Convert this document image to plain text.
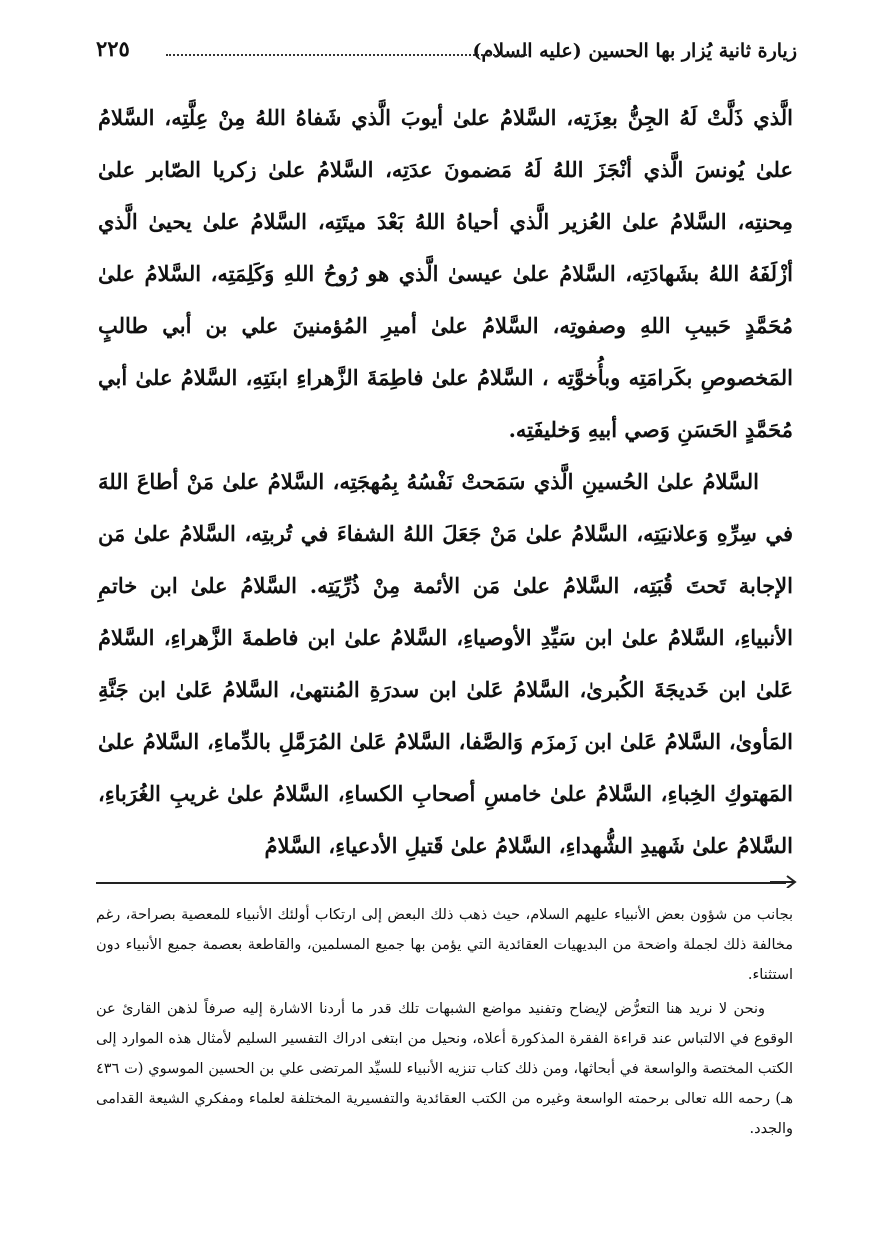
زيارة ثانية يُزار بها الحسين (عليه السلام)
٢٢٥

الَّذي ذَلَّتْ لَهُ الجِنُّ بعِزَتِه، السَّلامُ علىٰ أيوبَ الَّذي شَفاهُ اللهُ مِنْ عِلَّتِه، السَّلامُ علىٰ يُونسَ الَّذي أنْجَزَ اللهُ لَهُ مَضمونَ عدَتِه، السَّلامُ علىٰ زكريا الصّابر علىٰ مِحنتِه، السَّلامُ علىٰ العُزير الَّذي أحياهُ اللهُ بَعْدَ ميتَتِه، السَّلامُ علىٰ يحيىٰ الَّذي أزْلَفَهُ اللهُ بشَهادَتِه، السَّلامُ علىٰ عيسىٰ الَّذي هو رُوحُ اللهِ وَكَلِمَتِه، السَّلامُ علىٰ مُحَمَّدٍ حَبيبِ اللهِ وصفوتِه، السَّلامُ علىٰ أميرِ المُؤمنينَ علي بن أبي طالبٍ المَخصوصِ بكَرامَتِه وبأُخوَّتِه ، السَّلامُ علىٰ فاطِمَةَ الزَّهراءِ ابنَتِهِ، السَّلامُ علىٰ أبي مُحَمَّدٍ الحَسَنِ وَصي أبيهِ وَخليفَتِه.

السَّلامُ علىٰ الحُسينِ الَّذي سَمَحتْ نَفْسُهُ بِمُهجَتِه، السَّلامُ علىٰ مَنْ أطاعَ اللهَ في سِرِّهِ وَعلانيَتِه، السَّلامُ علىٰ مَنْ جَعَلَ اللهُ الشفاءَ في تُربتِه، السَّلامُ علىٰ مَن الإجابة تَحتَ قُبَتِه، السَّلامُ علىٰ مَن الأئمة مِنْ ذُرِّيَتِه. السَّلامُ علىٰ ابن خاتمِ الأنبياءِ، السَّلامُ علىٰ ابن سَيِّدِ الأوصياءِ، السَّلامُ علىٰ ابن فاطمةَ الزَّهراءِ، السَّلامُ عَلىٰ ابن خَديجَةَ الكُبرىٰ، السَّلامُ عَلىٰ ابن سدرَةِ المُنتهىٰ، السَّلامُ عَلىٰ ابن جَنَّةِ المَأوىٰ، السَّلامُ عَلىٰ ابن زَمزَم وَالصَّفا، السَّلامُ عَلىٰ المُرَمَّلِ بالدِّماءِ، السَّلامُ علىٰ المَهتوكِ الخِباءِ، السَّلامُ علىٰ خامسِ أصحابِ الكساءِ، السَّلامُ علىٰ غريبِ الغُرَباءِ، السَّلامُ علىٰ شَهيدِ الشُّهداءِ، السَّلامُ علىٰ قَتيلِ الأدعياءِ، السَّلامُ

بجانب من شؤون بعض الأنبياء عليهم السلام، حيث ذهب ذلك البعض إلى ارتكاب أولئك الأنبياء للمعصية بصراحة، رغم مخالفة ذلك لجملة واضحة من البديهيات العقائدية التي يؤمن بها جميع المسلمين، والقاطعة بعصمة جميع الأنبياء دون استثناء.

ونحن لا نريد هنا التعرُّض لإيضاح وتفنيد مواضع الشبهات تلك قدر ما أردنا الاشارة إليه صرفاً لذهن القارئ عن الوقوع في الالتباس عند قراءة الفقرة المذكورة أعلاه، ونحيل من ابتغى ادراك التفسير السليم لأمثال هذه الموارد إلى الكتب المختصة والواسعة في أبحاثها، ومن ذلك كتاب تنزيه الأنبياء للسيِّد المرتضى علي بن الحسين الموسوي (ت ٤٣٦ هـ) رحمه الله تعالى برحمته الواسعة وغيره من الكتب العقائدية والتفسيرية المختلفة لعلماء ومفكري الشيعة القدامى والجدد.
